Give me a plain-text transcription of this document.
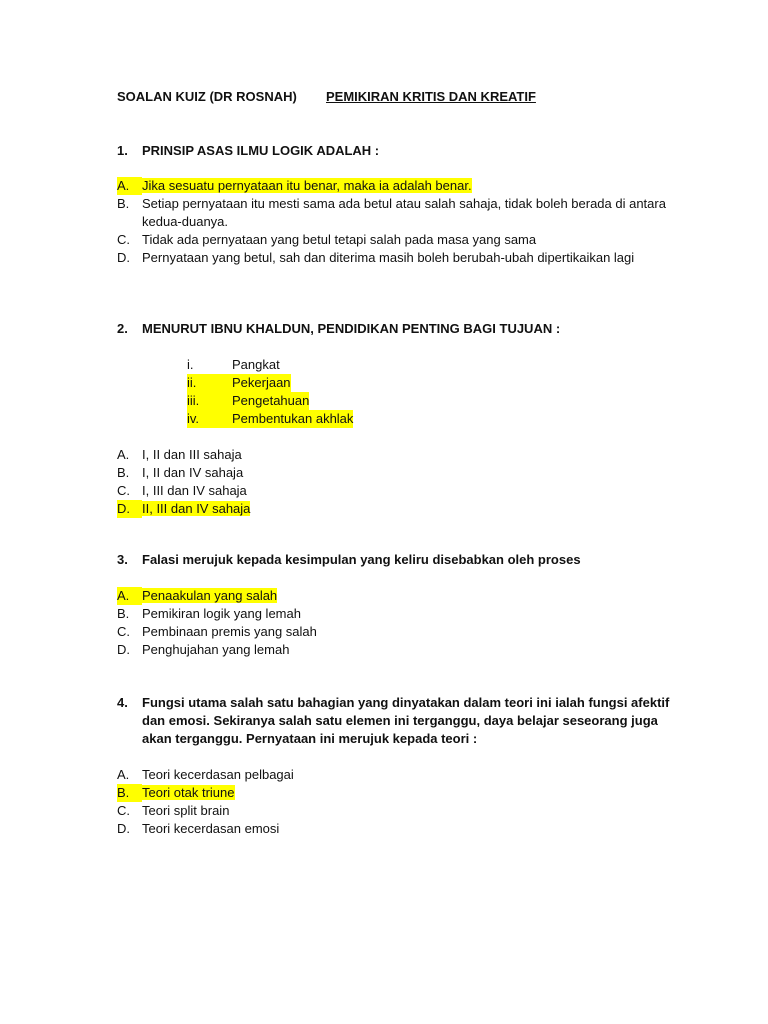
SOALAN KUIZ (DR ROSNAH) PEMIKIRAN KRITIS DAN KREATIF
1.	PRINSIP ASAS ILMU LOGIK ADALAH :
A. Jika sesuatu pernyataan itu benar, maka ia adalah benar.
B. Setiap pernyataan itu mesti sama ada betul atau salah sahaja, tidak boleh berada di antara kedua-duanya.
C. Tidak ada pernyataan yang betul tetapi salah pada masa yang sama
D. Pernyataan yang betul, sah dan diterima masih boleh berubah-ubah dipertikaikan lagi
2.	MENURUT IBNU KHALDUN, PENDIDIKAN PENTING BAGI TUJUAN :
i.	Pangkat
ii.	Pekerjaan
iii.	Pengetahuan
iv.	Pembentukan akhlak
A. I, II dan III sahaja
B. I, II dan IV sahaja
C. I, III dan IV sahaja
D. II, III dan IV sahaja
3.	Falasi merujuk kepada kesimpulan yang keliru disebabkan oleh proses
A. Penaakulan yang salah
B. Pemikiran logik yang lemah
C. Pembinaan premis yang salah
D. Penghujahan yang lemah
4.	Fungsi utama salah satu bahagian yang dinyatakan dalam teori ini ialah fungsi afektif dan emosi. Sekiranya salah satu elemen ini terganggu, daya belajar seseorang juga akan terganggu. Pernyataan ini merujuk kepada teori :
A. Teori kecerdasan pelbagai
B. Teori otak triune
C. Teori split brain
D. Teori kecerdasan emosi
